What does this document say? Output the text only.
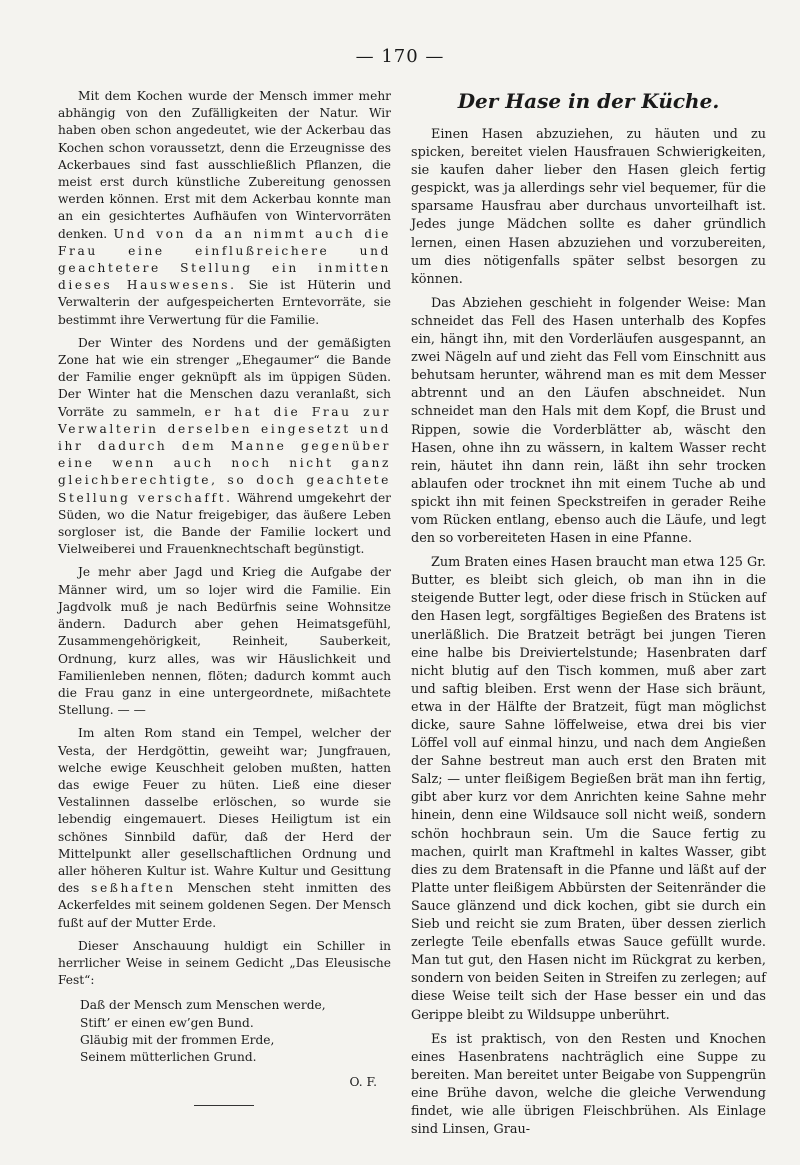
— 170 —

Mit dem Kochen wurde der Mensch immer mehr abhängig von den Zufälligkeiten der Natur. Wir haben oben schon angedeutet, wie der Ackerbau das Kochen schon voraussetzt, denn die Erzeugnisse des Ackerbaues sind fast ausschließlich Pflanzen, die meist erst durch künstliche Zubereitung genossen werden können. Erst mit dem Ackerbau konnte man an ein gesichtertes Aufhäufen von Wintervorräten denken. Und von da an nimmt auch die Frau eine einflußreichere und geachtetere Stellung ein inmitten dieses Hauswesens. Sie ist Hüterin und Verwalterin der aufgespeicherten Erntevorräte, sie bestimmt ihre Verwertung für die Familie.

Der Winter des Nordens und der gemäßigten Zone hat wie ein strenger „Ehegaumer“ die Bande der Familie enger geknüpft als im üppigen Süden. Der Winter hat die Menschen dazu veranlaßt, sich Vorräte zu sammeln, er hat die Frau zur Verwalterin derselben eingesetzt und ihr dadurch dem Manne gegenüber eine wenn auch noch nicht ganz gleichberechtigte, so doch geachtete Stellung verschafft. Während umgekehrt der Süden, wo die Natur freigebiger, das äußere Leben sorgloser ist, die Bande der Familie lockert und Vielweiberei und Frauenknechtschaft begünstigt.

Je mehr aber Jagd und Krieg die Aufgabe der Männer wird, um so lojer wird die Familie. Ein Jagdvolk muß je nach Bedürfnis seine Wohnsitze ändern. Dadurch aber gehen Heimatsgefühl, Zusammengehörigkeit, Reinheit, Sauberkeit, Ordnung, kurz alles, was wir Häuslichkeit und Familienleben nennen, flöten; dadurch kommt auch die Frau ganz in eine untergeordnete, mißachtete Stellung. — —

Im alten Rom stand ein Tempel, welcher der Vesta, der Herdgöttin, geweiht war; Jungfrauen, welche ewige Keuschheit geloben mußten, hatten das ewige Feuer zu hüten. Ließ eine dieser Vestalinnen dasselbe erlöschen, so wurde sie lebendig eingemauert. Dieses Heiligtum ist ein schönes Sinnbild dafür, daß der Herd der Mittelpunkt aller gesellschaftlichen Ordnung und aller höheren Kultur ist. Wahre Kultur und Gesittung des seßhaften Menschen steht inmitten des Ackerfeldes mit seinem goldenen Segen. Der Mensch fußt auf der Mutter Erde.

Dieser Anschauung huldigt ein Schiller in herrlicher Weise in seinem Gedicht „Das Eleusische Fest“:

Daß der Mensch zum Menschen werde,
Stift’ er einen ew’gen Bund.
Gläubig mit der frommen Erde,
Seinem mütterlichen Grund.
O. F.
Der Hase in der Küche.

Einen Hasen abzuziehen, zu häuten und zu spicken, bereitet vielen Hausfrauen Schwierigkeiten, sie kaufen daher lieber den Hasen gleich fertig gespickt, was ja allerdings sehr viel bequemer, für die sparsame Hausfrau aber durchaus unvorteilhaft ist. Jedes junge Mädchen sollte es daher gründlich lernen, einen Hasen abzuziehen und vorzubereiten, um dies nötigenfalls später selbst besorgen zu können.

Das Abziehen geschieht in folgender Weise: Man schneidet das Fell des Hasen unterhalb des Kopfes ein, hängt ihn, mit den Vorderläufen ausgespannt, an zwei Nägeln auf und zieht das Fell vom Einschnitt aus behutsam herunter, während man es mit dem Messer abtrennt und an den Läufen abschneidet. Nun schneidet man den Hals mit dem Kopf, die Brust und Rippen, sowie die Vorderblätter ab, wäscht den Hasen, ohne ihn zu wässern, in kaltem Wasser recht rein, häutet ihn dann rein, läßt ihn sehr trocken ablaufen oder trocknet ihn mit einem Tuche ab und spickt ihn mit feinen Speckstreifen in gerader Reihe vom Rücken entlang, ebenso auch die Läufe, und legt den so vorbereiteten Hasen in eine Pfanne.

Zum Braten eines Hasen braucht man etwa 125 Gr. Butter, es bleibt sich gleich, ob man ihn in die steigende Butter legt, oder diese frisch in Stücken auf den Hasen legt, sorgfältiges Begießen des Bratens ist unerläßlich. Die Bratzeit beträgt bei jungen Tieren eine halbe bis Dreiviertelstunde; Hasenbraten darf nicht blutig auf den Tisch kommen, muß aber zart und saftig bleiben. Erst wenn der Hase sich bräunt, etwa in der Hälfte der Bratzeit, fügt man möglichst dicke, saure Sahne löffelweise, etwa drei bis vier Löffel voll auf einmal hinzu, und nach dem Angießen der Sahne bestreut man auch erst den Braten mit Salz; — unter fleißigem Begießen brät man ihn fertig, gibt aber kurz vor dem Anrichten keine Sahne mehr hinein, denn eine Wildsauce soll nicht weiß, sondern schön hochbraun sein. Um die Sauce fertig zu machen, quirlt man Kraftmehl in kaltes Wasser, gibt dies zu dem Bratensaft in die Pfanne und läßt auf der Platte unter fleißigem Abbürsten der Seitenränder die Sauce glänzend und dick kochen, gibt sie durch ein Sieb und reicht sie zum Braten, über dessen zierlich zerlegte Teile ebenfalls etwas Sauce gefüllt wurde. Man tut gut, den Hasen nicht im Rückgrat zu kerben, sondern von beiden Seiten in Streifen zu zerlegen; auf diese Weise teilt sich der Hase besser ein und das Gerippe bleibt zu Wildsuppe unberührt.

Es ist praktisch, von den Resten und Knochen eines Hasenbratens nachträglich eine Suppe zu bereiten. Man bereitet unter Beigabe von Suppengrün eine Brühe davon, welche die gleiche Verwendung findet, wie alle übrigen Fleischbrühen. Als Einlage sind Linsen, Grau-
